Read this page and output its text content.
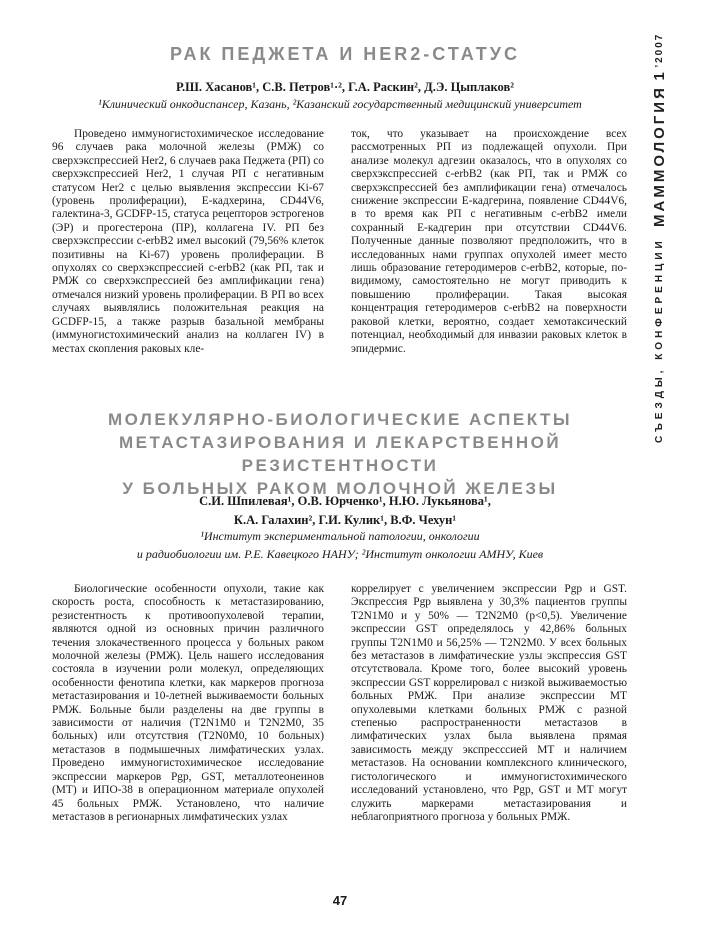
СЪЕЗДЫ, КОНФЕРЕНЦИИ МАММОЛОГИЯ 1 ’2007
РАК ПЕДЖЕТА И HER2-СТАТУС
Р.Ш. Хасанов¹, С.В. Петров¹·², Г.А. Раскин², Д.Э. Цыплаков²
¹Клинический онкодиспансер, Казань, ²Казанский государственный медицинский университет

Проведено иммуногистохимическое исследование 96 случаев рака молочной железы (РМЖ) со сверхэкспрессией Her2, 6 случаев рака Педжета (РП) со сверхэкспрессией Her2, 1 случая РП с негативным статусом Her2 с целью выявления экспрессии Ki-67 (уровень пролиферации), Е-кадхерина, CD44V6, галектина-3, GCDFP-15, статуса рецепторов эстрогенов (ЭР) и прогестерона (ПР), коллагена IV. РП без сверхэкспрессии c-erbB2 имел высокий (79,56% клеток позитивны на Ki-67) уровень пролиферации. В опухолях со сверхэкспрессией c-erbB2 (как РП, так и РМЖ со сверхэкспрессией без амплификации гена) отмечался низкий уровень пролиферации. В РП во всех случаях выявлялись положительная реакция на GCDFP-15, а также разрыв базальной мембраны (иммуногистохимический анализ на коллаген IV) в местах скопления раковых кле-

ток, что указывает на происхождение всех рассмотренных РП из подлежащей опухоли. При анализе молекул адгезии оказалось, что в опухолях со сверхэкспрессией c-erbB2 (как РП, так и РМЖ со сверхэкспрессией без амплификации гена) отмечалось снижение экспрессии Е-кадгерина, появление CD44V6, в то время как РП с негативным c-erbB2 имели сохранный Е-кадгерин при отсутствии CD44V6. Полученные данные позволяют предположить, что в исследованных нами группах опухолей имеет место лишь образование гетеродимеров c-erbB2, которые, по-видимому, самостоятельно не могут приводить к повышению пролиферации. Такая высокая концентрация гетеродимеров c-erbB2 на поверхности раковой клетки, вероятно, создает хемотаксический потенциал, необходимый для инвазии раковых клеток в эпидермис.

МОЛЕКУЛЯРНО-БИОЛОГИЧЕСКИЕ АСПЕКТЫ
МЕТАСТАЗИРОВАНИЯ И ЛЕКАРСТВЕННОЙ РЕЗИСТЕНТНОСТИ
У БОЛЬНЫХ РАКОМ МОЛОЧНОЙ ЖЕЛЕЗЫ
С.И. Шпилевая¹, О.В. Юрченко¹, Н.Ю. Лукьянова¹,
К.А. Галахин², Г.И. Кулик¹, В.Ф. Чехун¹
¹Институт экспериментальной патологии, онкологии
и радиобиологии им. Р.Е. Кавецкого НАНУ; ²Институт онкологии АМНУ, Киев

Биологические особенности опухоли, такие как скорость роста, способность к метастазированию, резистентность к противоопухолевой терапии, являются одной из основных причин различного течения злокачественного процесса у больных раком молочной железы (РМЖ). Цель нашего исследования состояла в изучении роли молекул, определяющих особенности фенотипа клетки, как маркеров прогноза метастазирования и 10-летней выживаемости больных РМЖ. Больные были разделены на две группы в зависимости от наличия (T2N1M0 и T2N2M0, 35 больных) или отсутствия (T2N0M0, 10 больных) метастазов в подмышечных лимфатических узлах. Проведено иммуногистохимическое исследование экспрессии маркеров Pgp, GST, металлотеонеинов (МТ) и ИПО-38 в операционном материале опухолей 45 больных РМЖ. Установлено, что наличие метастазов в регионарных лимфатических узлах

коррелирует с увеличением экспрессии Pgp и GST. Экспрессия Pgp выявлена у 30,3% пациентов группы T2N1M0 и у 50% — T2N2M0 (p<0,5). Увеличение экспрессии GST определялось у 42,86% больных группы T2N1M0 и 56,25% — T2N2M0. У всех больных без метастазов в лимфатические узлы экспрессия GST отсутствовала. Кроме того, более высокий уровень экспрессии GST коррелировал с низкой выживаемостью больных РМЖ. При анализе экспрессии МТ опухолевыми клетками больных РМЖ с разной степенью распространенности метастазов в лимфатических узлах была выявлена прямая зависимость между экспресссией МТ и наличием метастазов. На основании комплексного клинического, гистологического и иммуногистохимического исследований установлено, что Pgp, GST и МТ могут служить маркерами метастазирования и неблагоприятного прогноза у больных РМЖ.

47
